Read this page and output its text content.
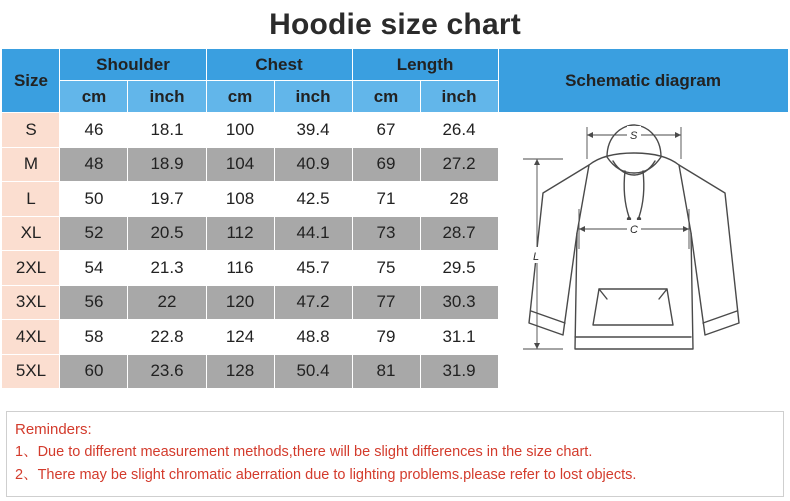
Hoodie size chart
Size	Shoulder		Chest		Length		Schematic diagram
	cm	inch	cm	inch	cm	inch	
S	46	18.1	100	39.4	67	26.4	S
C
L

M	48	18.9	104	40.9	69	27.2	
L	50	19.7	108	42.5	71	28	
XL	52	20.5	112	44.1	73	28.7	
2XL	54	21.3	116	45.7	75	29.5	
3XL	56	22	120	47.2	77	30.3	
4XL	58	22.8	124	48.8	79	31.1	
5XL	60	23.6	128	50.4	81	31.9	
Reminders:
1、Due to different measurement methods,there will be slight differences in the size chart.
2、There may be slight chromatic aberration due to lighting problems.please refer to lost objects.
